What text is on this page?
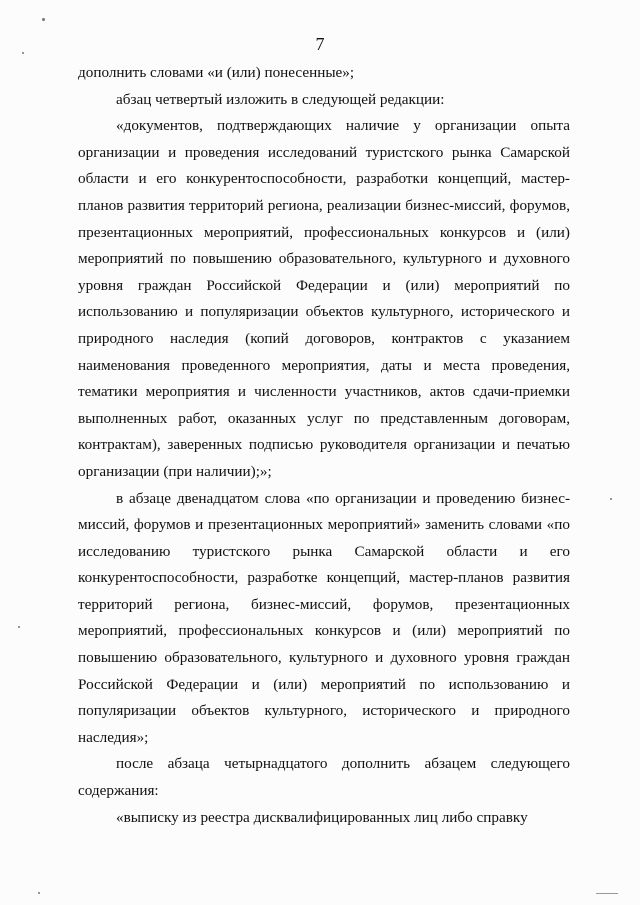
7

дополнить словами «и (или) понесенные»;

абзац четвертый изложить в следующей редакции:

«документов, подтверждающих наличие у организации опыта организации и проведения исследований туристского рынка Самарской области и его конкурентоспособности, разработки концепций, мастер-планов развития территорий региона, реализации бизнес-миссий, форумов, презентационных мероприятий, профессиональных конкурсов и (или) мероприятий по повышению образовательного, культурного и духовного уровня граждан Российской Федерации и (или) мероприятий по использованию и популяризации объектов культурного, исторического и природного наследия (копий договоров, контрактов с указанием наименования проведенного мероприятия, даты и места проведения, тематики мероприятия и численности участников, актов сдачи-приемки выполненных работ, оказанных услуг по представленным договорам, контрактам), заверенных подписью руководителя организации и печатью организации (при наличии);»;

в абзаце двенадцатом слова «по организации и проведению бизнес-миссий, форумов и презентационных мероприятий» заменить словами «по исследованию туристского рынка Самарской области и его конкурентоспособности, разработке концепций, мастер-планов развития территорий региона, бизнес-миссий, форумов, презентационных мероприятий, профессиональных конкурсов и (или) мероприятий по повышению образовательного, культурного и духовного уровня граждан Российской Федерации и (или) мероприятий по использованию и популяризации объектов культурного, исторического и природного наследия»;

после абзаца четырнадцатого дополнить абзацем следующего содержания:

«выписку из реестра дисквалифицированных лиц либо справку
